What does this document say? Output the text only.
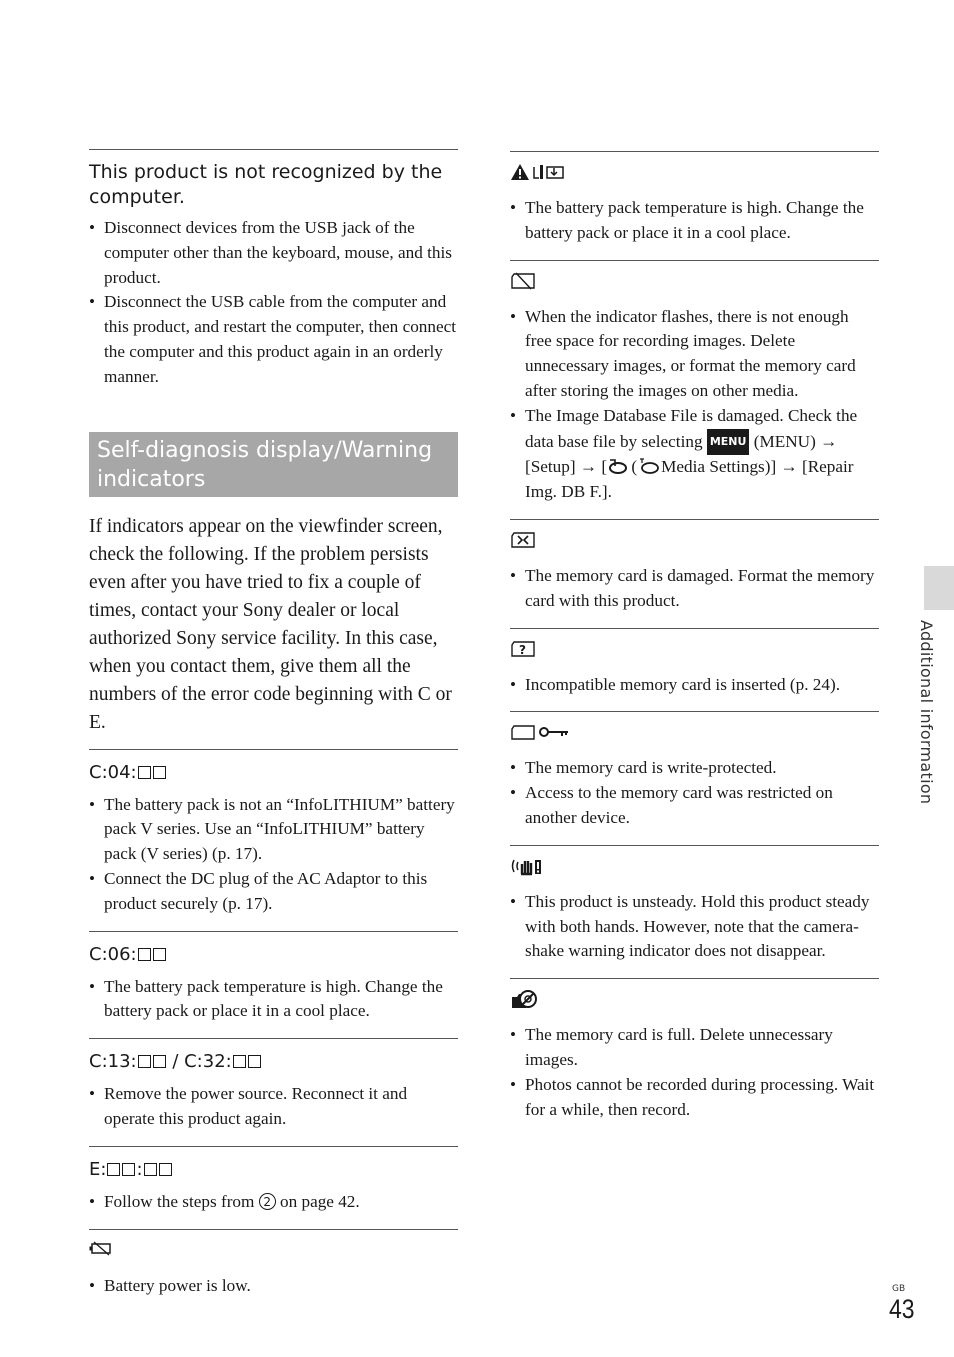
This product is not recognized by the computer.
• Disconnect devices from the USB jack of the computer other than the keyboard, mouse, and this product.
• Disconnect the USB cable from the computer and this product, and restart the computer, then connect the computer and this product again in an orderly manner.
Self-diagnosis display/Warning indicators
If indicators appear on the viewfinder screen, check the following. If the problem persists even after you have tried to fix a couple of times, contact your Sony dealer or local authorized Sony service facility. In this case, when you contact them, give them all the numbers of the error code beginning with C or E.
C:04:
• The battery pack is not an “InfoLITHIUM” battery pack V series. Use an “InfoLITHIUM” battery pack (V series) (p. 17).
• Connect the DC plug of the AC Adaptor to this product securely (p. 17).
C:06:
• The battery pack temperature is high. Change the battery pack or place it in a cool place.
C:13: / C:32:
• Remove the power source. Reconnect it and operate this product again.
E: :
• Follow the steps from 2 on page 42.
• Battery power is low.
• The battery pack temperature is high. Change the battery pack or place it in a cool place.
• When the indicator flashes, there is not enough free space for recording images. Delete unnecessary images, or format the memory card after storing the images on other media.
• The Image Database File is damaged. Check the data base file by selecting MENU (MENU) → [Setup] → [ ( Media Settings)] → [Repair Img. DB F.].
• The memory card is damaged. Format the memory card with this product.
?
• Incompatible memory card is inserted (p. 24).
• The memory card is write-protected.
• Access to the memory card was restricted on another device.
• This product is unsteady. Hold this product steady with both hands. However, note that the camera-shake warning indicator does not disappear.
• The memory card is full. Delete unnecessary images.
• Photos cannot be recorded during processing. Wait for a while, then record.
Additional information
GB
43
